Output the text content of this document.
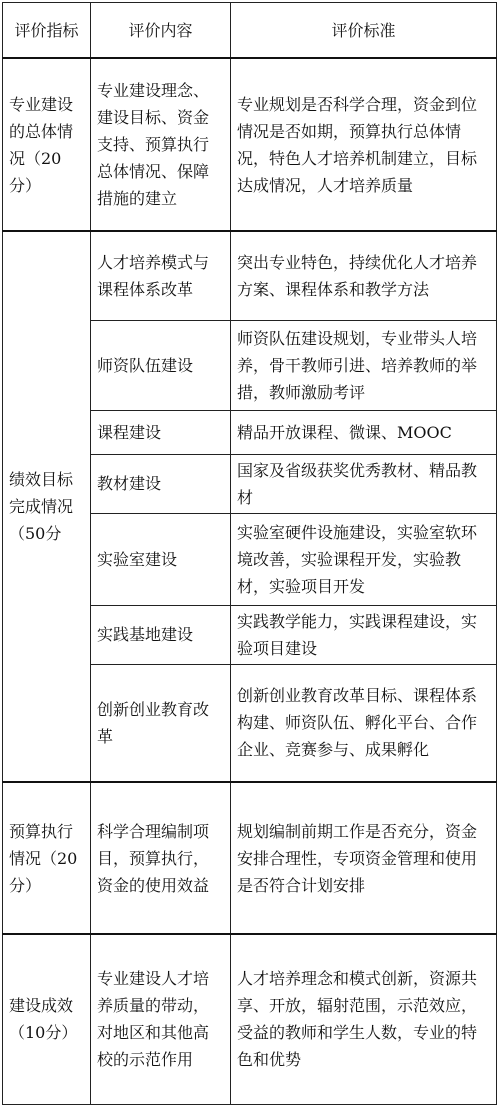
评价指标	评价内容	评价标准
专业建设的总体情况（20分）	专业建设理念、建设目标、资金支持、预算执行总体情况、保障措施的建立	专业规划是否科学合理，资金到位情况是否如期，预算执行总体情况，特色人才培养机制建立，目标达成情况，人才培养质量
绩效目标完成情况（50分	人才培养模式与课程体系改革	突出专业特色，持续优化人才培养方案、课程体系和教学方法
	师资队伍建设	师资队伍建设规划，专业带头人培养，骨干教师引进、培养教师的举措，教师激励考评
	课程建设	精品开放课程、微课、MOOC
	教材建设	国家及省级获奖优秀教材、精品教材
	实验室建设	实验室硬件设施建设，实验室软环境改善，实验课程开发，实验教材，实验项目开发
	实践基地建设	实践教学能力，实践课程建设，实验项目建设
	创新创业教育改革	创新创业教育改革目标、课程体系构建、师资队伍、孵化平台、合作企业、竞赛参与、成果孵化
预算执行情况（20分）	科学合理编制项目，预算执行，资金的使用效益	规划编制前期工作是否充分，资金安排合理性，专项资金管理和使用是否符合计划安排
建设成效（10分）	专业建设人才培养质量的带动，对地区和其他高校的示范作用	人才培养理念和模式创新，资源共享、开放，辐射范围，示范效应，受益的教师和学生人数，专业的特色和优势
